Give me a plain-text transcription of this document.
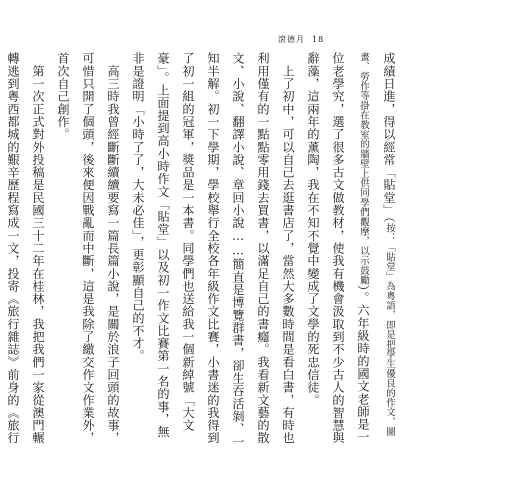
滾德月 18

成績日進，得以經常「貼堂」（按：「貼堂」為粵語，即是把學生優良的作文、圖畫、勞作等掛在教室的牆壁上供同學們觀摩，以示鼓勵）。六年級時的國文老師是一位老學究，選了很多古文做教材，使我有機會汲取到不少古人的智慧與辭藻，這兩年的薰陶，我在不知不覺中變成了文學的死忠信徒。

　上了初中，可以自己去逛書店了，當然大多數時間是看白書，有時也利用僅有的一點點零用錢去買書，以滿足自己的書癮。我看新文藝的散文、小說、翻譯小說、章回小說……簡直是博覽群書，卻生吞活剝、一知半解。初一下學期，學校舉行全校各年級作文比賽，小書迷的我得到了初一組的冠軍，獎品是一本書。同學們也送給我一個新綽號「大文豪」。上面提到高小時作文「貼堂」以及初一作文比賽第一名的事，無非是證明「小時了了，大未必佳」，更彰顯自己的不才。

　高三時我曾經斷斷續續要寫一篇長篇小說，是關於浪子回頭的故事，可惜只開了個頭，後來便因戰亂而中斷，這是我除了繳交作文作業外，首次自己創作。

　第一次正式對外投稿是民國三十二年在桂林，我把我們一家從澳門輾轉逃到粵西都城的艱辛歷程寫成一文，投寄《旅行雜誌》前身的《旅行
